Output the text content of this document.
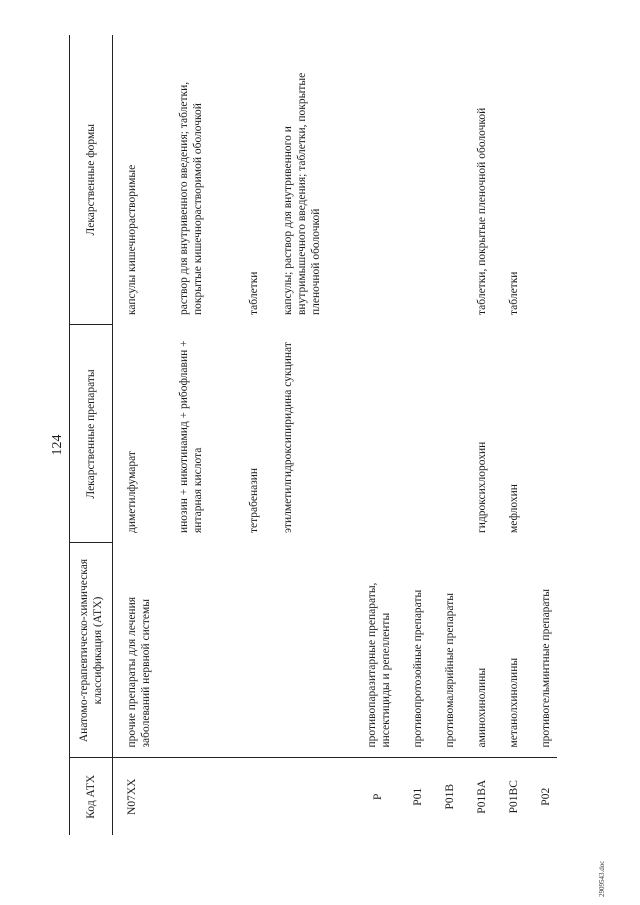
124
Код АТХ	Анатомо-терапевтическо-химическая классификация (АТХ)	Лекарственные препараты	Лекарственные формы
N07XX	прочие препараты для лечения заболеваний нервной системы	диметилфумарат	капсулы кишечнорастворимые
		инозин + никотинамид + рибофлавин + янтарная кислота	раствор для внутривенного введения; таблетки, покрытые кишечнорастворимой оболочкой
		тетрабеназин	таблетки
		этилметилгидроксипиридина сукцинат	капсулы; раствор для внутривенного и внутримышечного введения; таблетки, покрытые пленочной оболочкой
P	противопаразитарные препараты, инсектициды и репелленты		
P01	противопротозойные препараты		
P01B	противомалярийные препараты		
P01BA	аминохинолины	гидроксихлорохин	таблетки, покрытые пленочной оболочкой
P01BC	метанолхинолины	мефлохин	таблетки
P02	противогельминтные препараты		
2909543.doc
